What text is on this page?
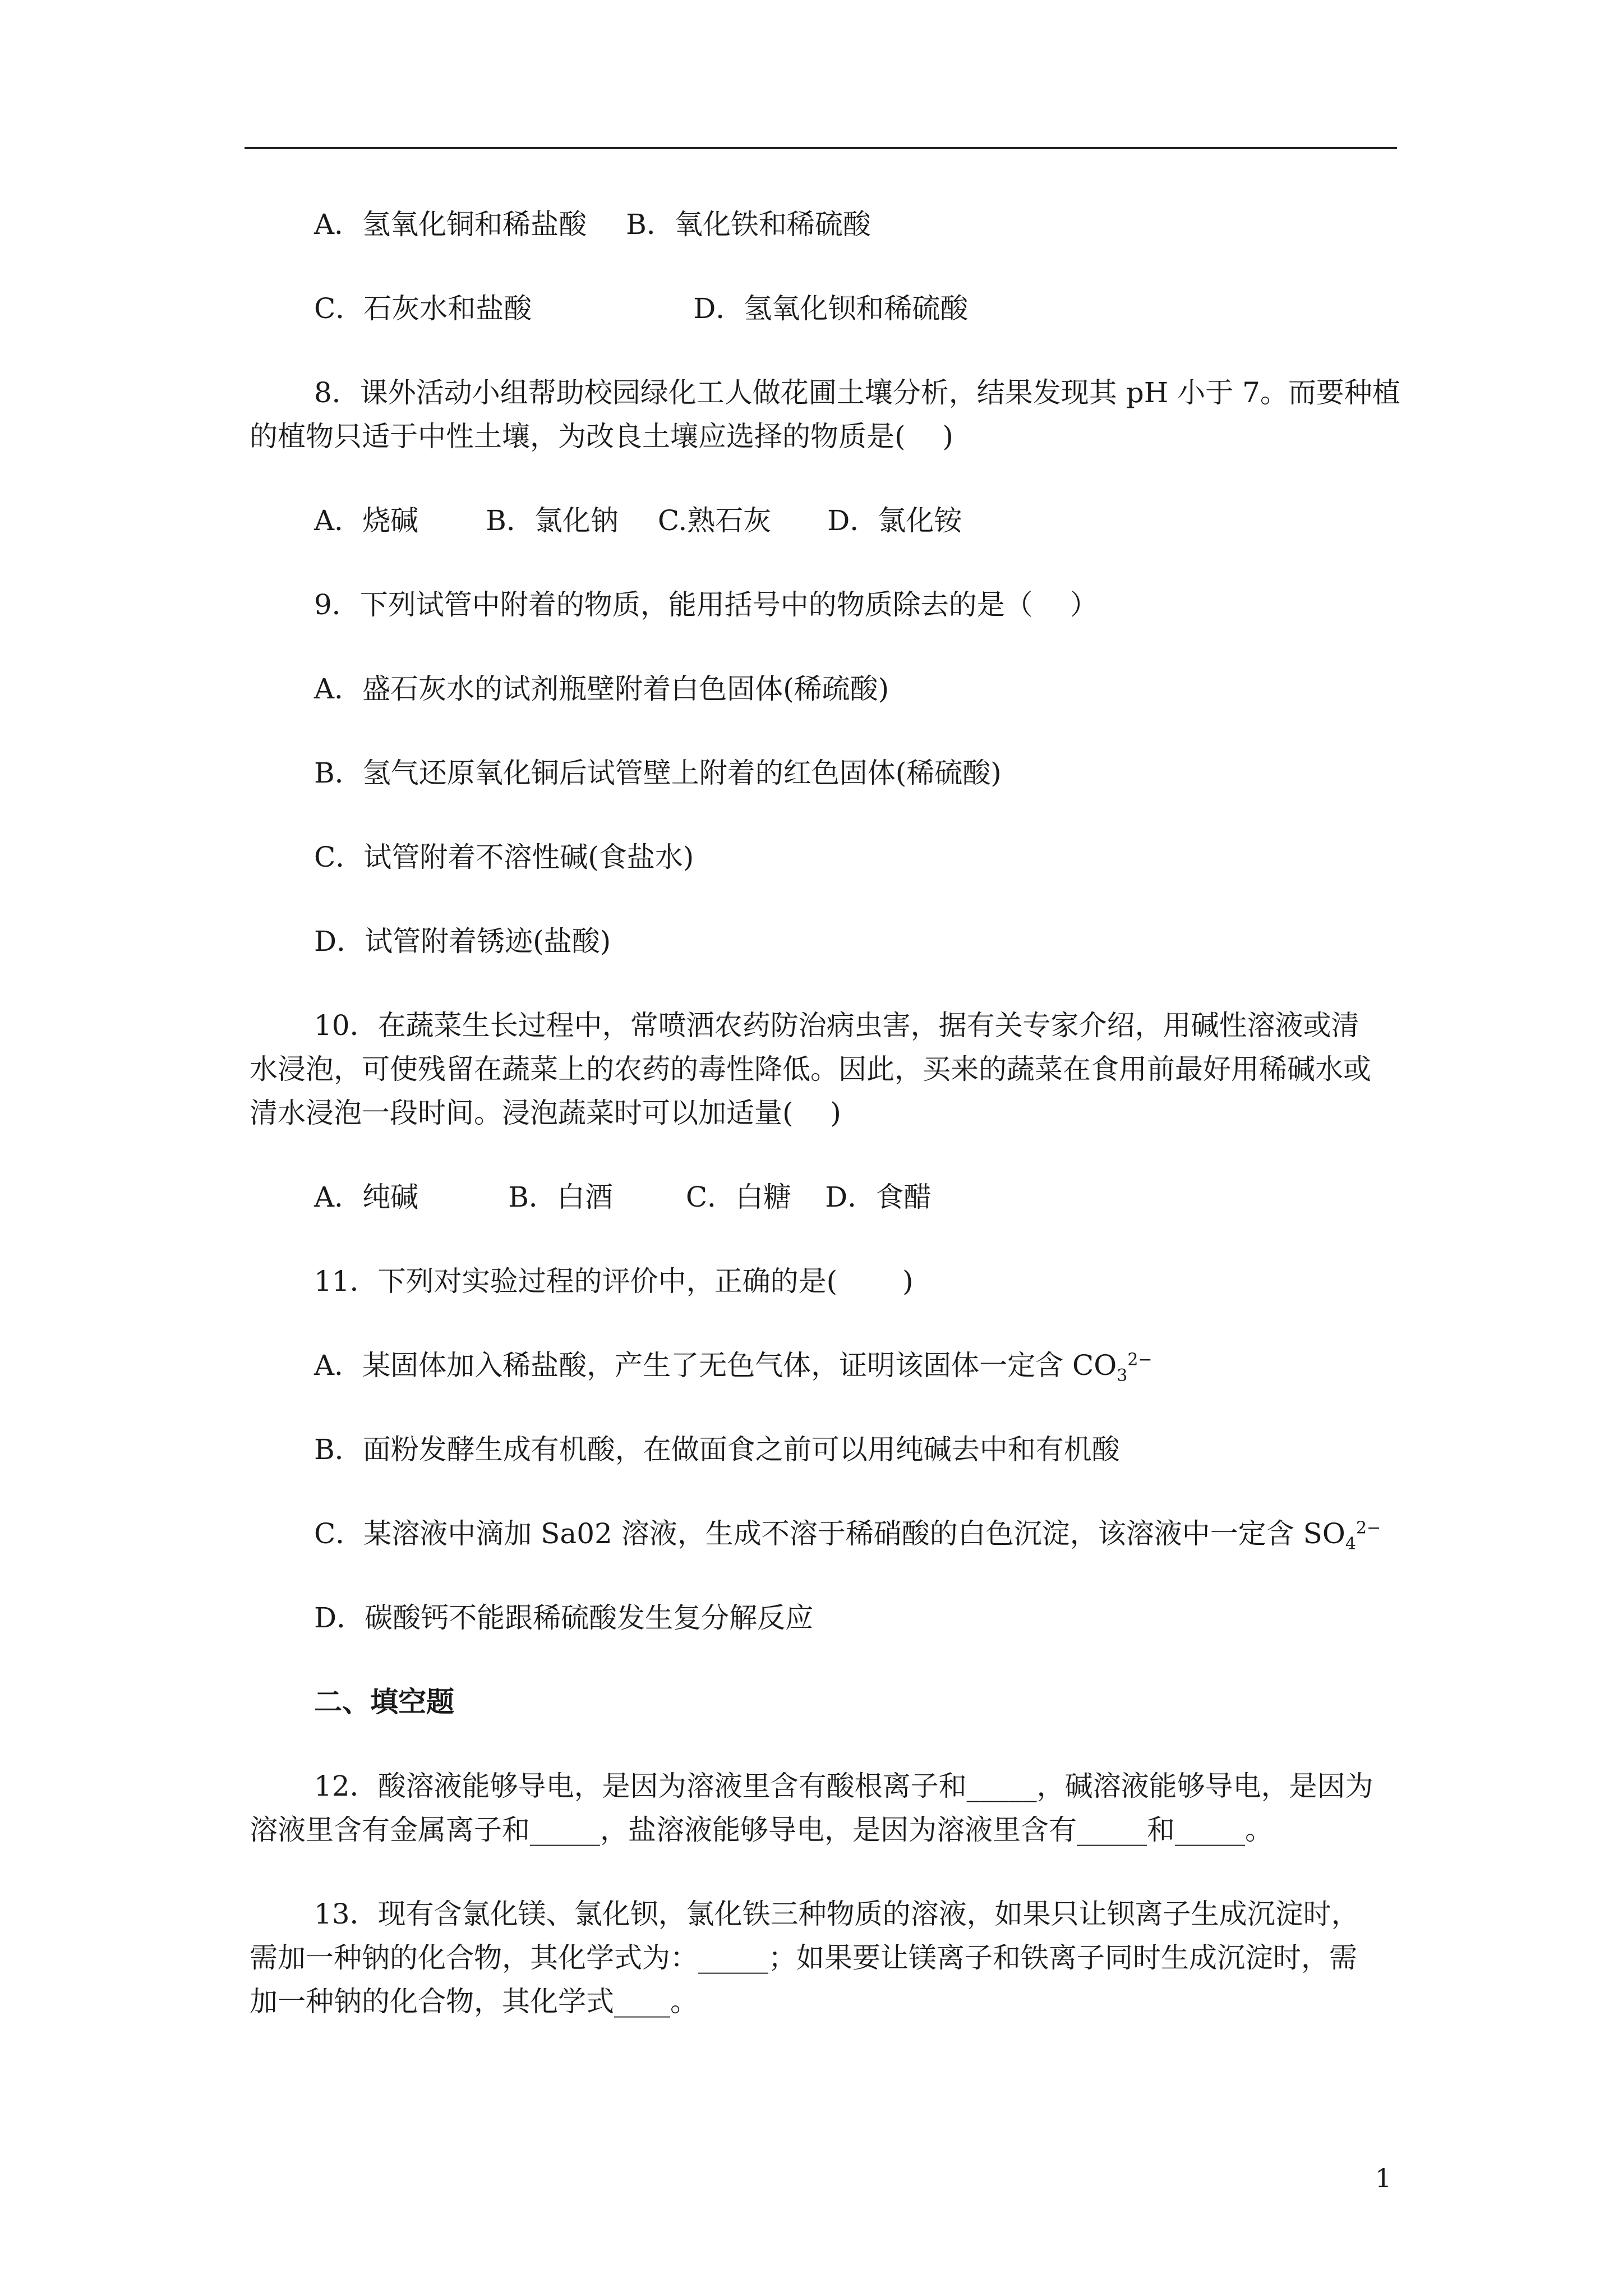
A．氢氧化铜和稀盐酸 B．氧化铁和稀硫酸
C．石灰水和盐酸	D．氢氧化钡和稀硫酸
8．课外活动小组帮助校园绿化工人做花圃土壤分析，结果发现其 pH 小于 7。而要种植
的植物只适于中性土壤，为改良土壤应选择的物质是(　 )
A．烧碱 B．氯化钠 C.熟石灰 D．氯化铵
9．下列试管中附着的物质，能用括号中的物质除去的是（　 ）
A．盛石灰水的试剂瓶壁附着白色固体(稀疏酸)
B．氢气还原氧化铜后试管壁上附着的红色固体(稀硫酸)
C．试管附着不溶性碱(食盐水)
D．试管附着锈迹(盐酸)
10．在蔬菜生长过程中，常喷洒农药防治病虫害，据有关专家介绍，用碱性溶液或清
水浸泡，可使残留在蔬菜上的农药的毒性降低。因此，买来的蔬菜在食用前最好用稀碱水或
清水浸泡一段时间。浸泡蔬菜时可以加适量(　 )
A．纯碱	B．白酒	C．白糖 D．食醋
11．下列对实验过程的评价中，正确的是(　　 )
A．某固体加入稀盐酸，产生了无色气体，证明该固体一定含 $CO_3^{2-}$
B．面粉发酵生成有机酸，在做面食之前可以用纯碱去中和有机酸
C．某溶液中滴加 Sa02 溶液，生成不溶于稀硝酸的白色沉淀，该溶液中一定含 $SO_4^{2-}$
D．碳酸钙不能跟稀硫酸发生复分解反应
二、填空题
12．酸溶液能够导电，是因为溶液里含有酸根离子和_____，碱溶液能够导电，是因为
溶液里含有金属离子和_____，盐溶液能够导电，是因为溶液里含有_____和_____。
13．现有含氯化镁、氯化钡，氯化铁三种物质的溶液，如果只让钡离子生成沉淀时，
需加一种钠的化合物，其化学式为：_____；如果要让镁离子和铁离子同时生成沉淀时，需
加一种钠的化合物，其化学式____。
1
